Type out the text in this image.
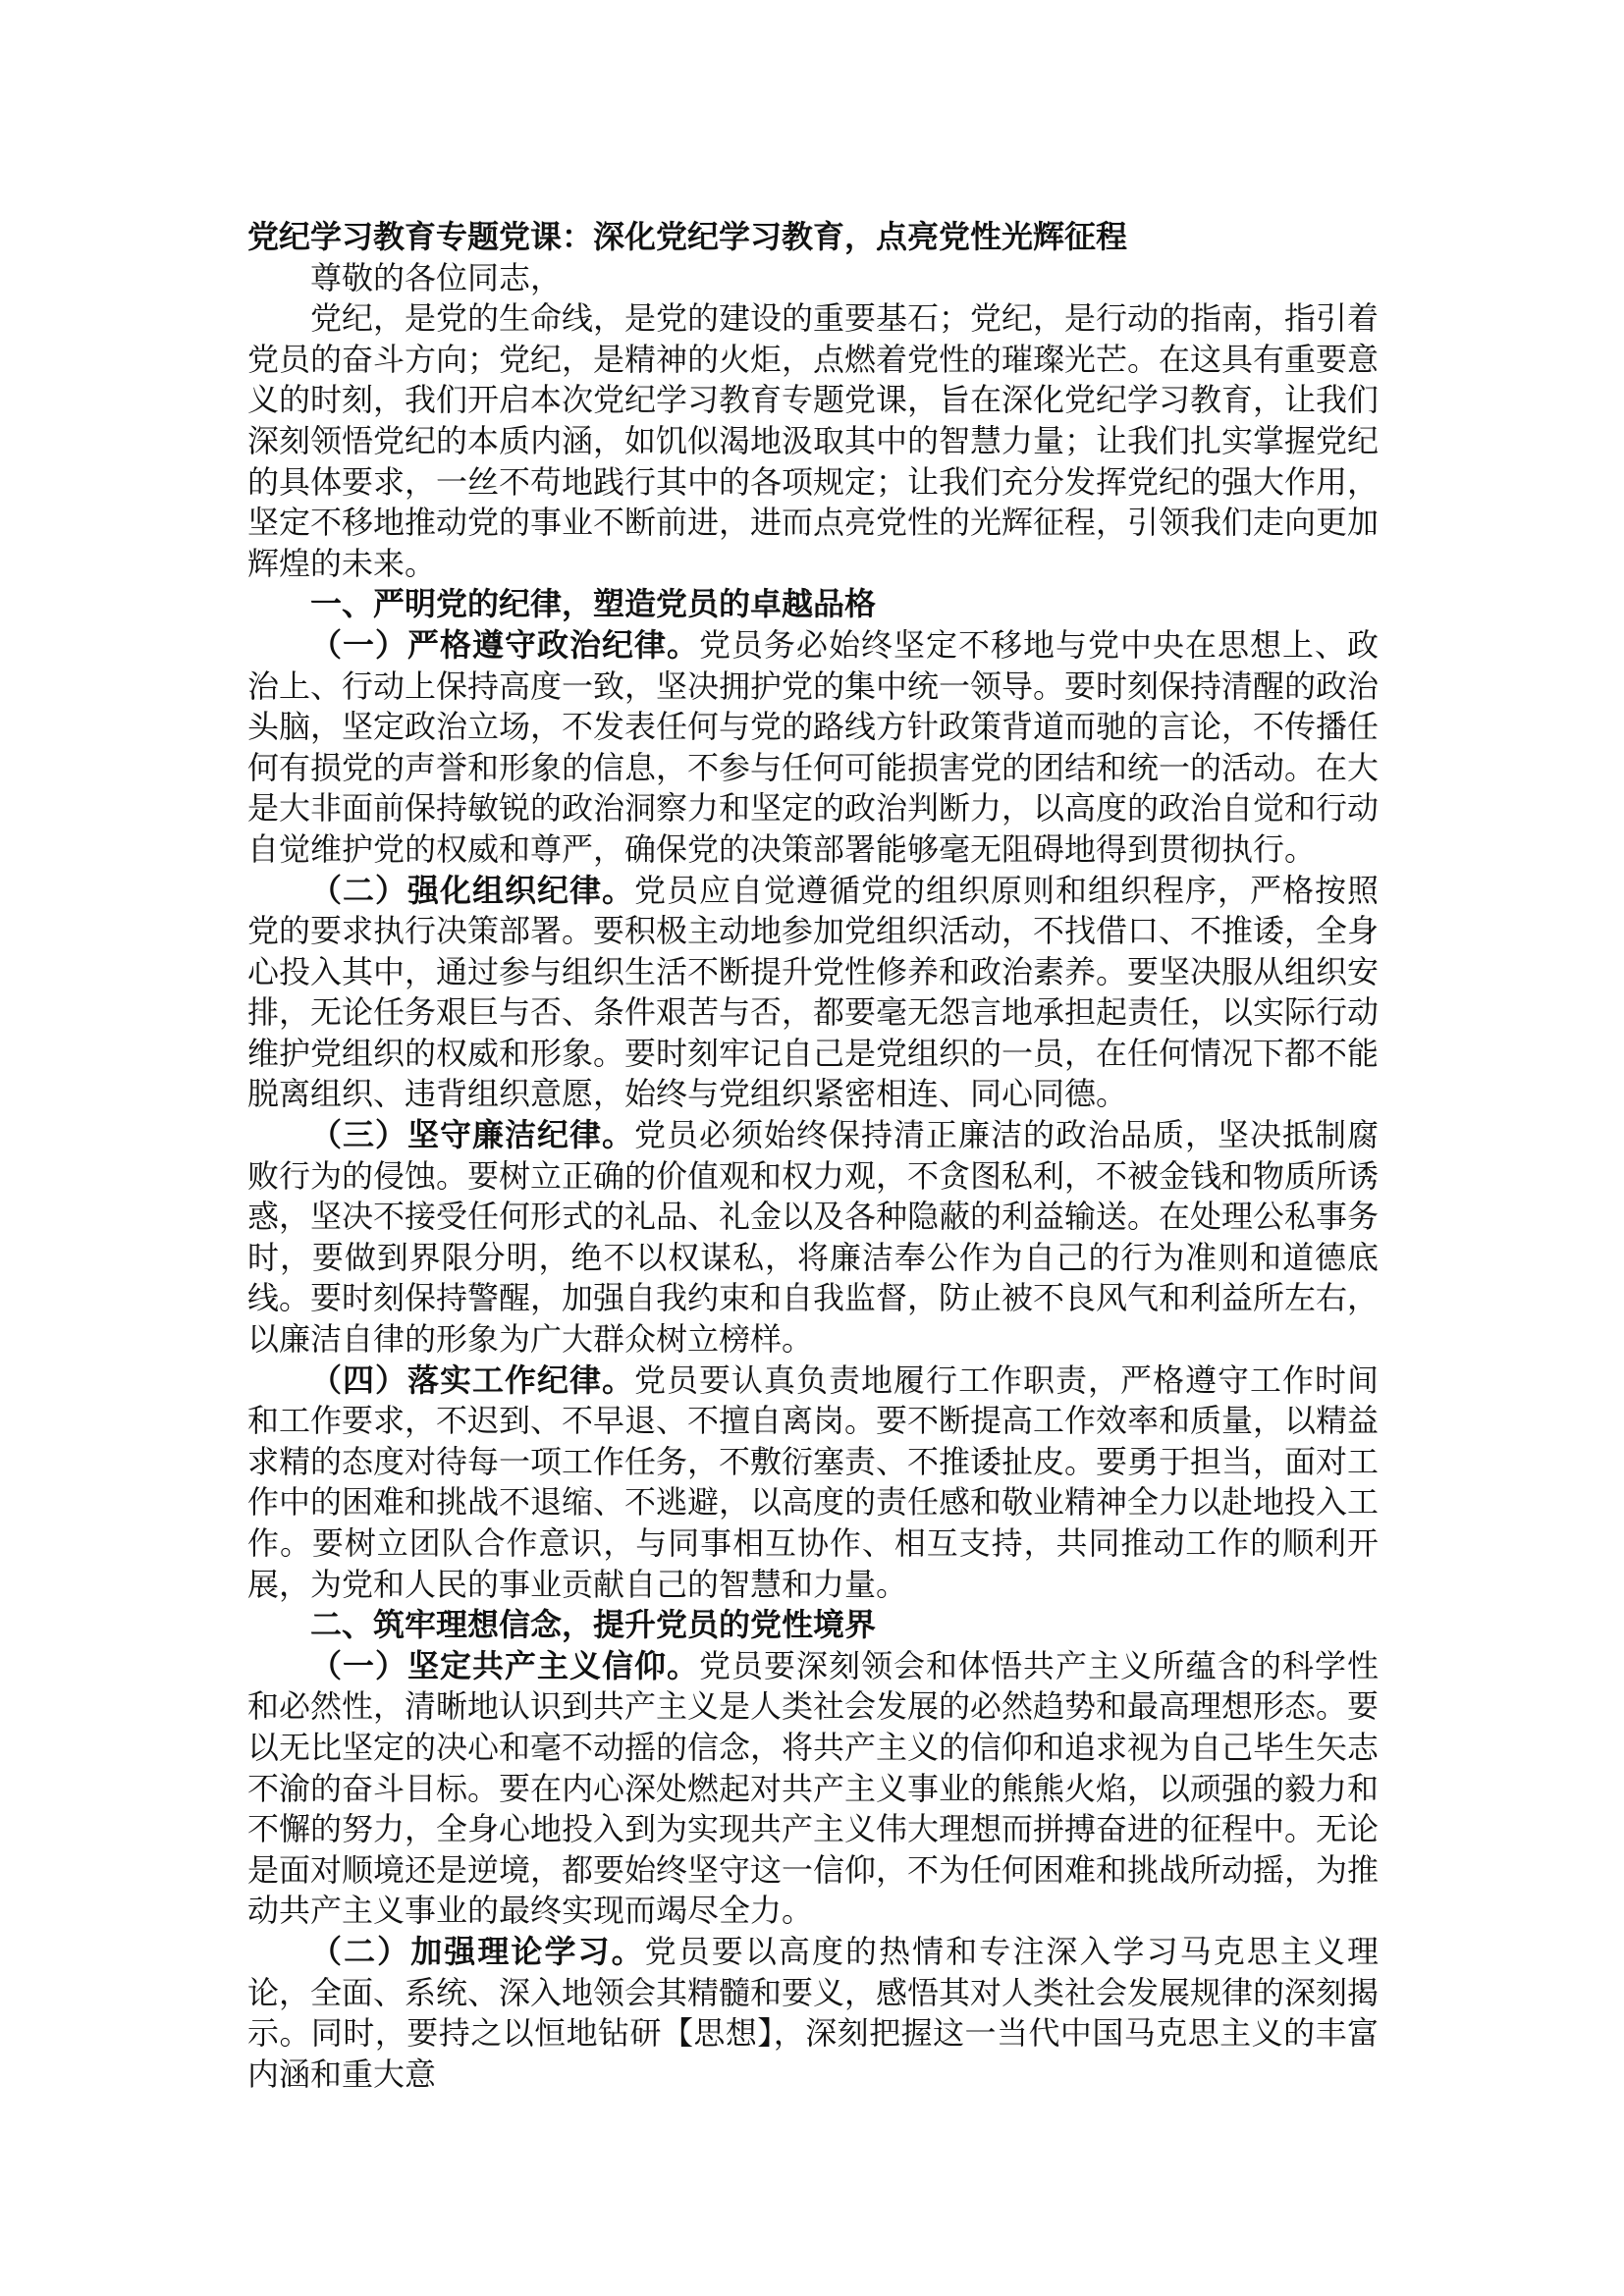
党纪学习教育专题党课：深化党纪学习教育，点亮党性光辉征程

尊敬的各位同志，

党纪，是党的生命线，是党的建设的重要基石；党纪，是行动的指南，指引着党员的奋斗方向；党纪，是精神的火炬，点燃着党性的璀璨光芒。在这具有重要意义的时刻，我们开启本次党纪学习教育专题党课，旨在深化党纪学习教育，让我们深刻领悟党纪的本质内涵，如饥似渴地汲取其中的智慧力量；让我们扎实掌握党纪的具体要求，一丝不苟地践行其中的各项规定；让我们充分发挥党纪的强大作用，坚定不移地推动党的事业不断前进，进而点亮党性的光辉征程，引领我们走向更加辉煌的未来。

一、严明党的纪律，塑造党员的卓越品格

（一）严格遵守政治纪律。党员务必始终坚定不移地与党中央在思想上、政治上、行动上保持高度一致，坚决拥护党的集中统一领导。要时刻保持清醒的政治头脑，坚定政治立场，不发表任何与党的路线方针政策背道而驰的言论，不传播任何有损党的声誉和形象的信息，不参与任何可能损害党的团结和统一的活动。在大是大非面前保持敏锐的政治洞察力和坚定的政治判断力，以高度的政治自觉和行动自觉维护党的权威和尊严，确保党的决策部署能够毫无阻碍地得到贯彻执行。

（二）强化组织纪律。党员应自觉遵循党的组织原则和组织程序，严格按照党的要求执行决策部署。要积极主动地参加党组织活动，不找借口、不推诿，全身心投入其中，通过参与组织生活不断提升党性修养和政治素养。要坚决服从组织安排，无论任务艰巨与否、条件艰苦与否，都要毫无怨言地承担起责任，以实际行动维护党组织的权威和形象。要时刻牢记自己是党组织的一员，在任何情况下都不能脱离组织、违背组织意愿，始终与党组织紧密相连、同心同德。

（三）坚守廉洁纪律。党员必须始终保持清正廉洁的政治品质，坚决抵制腐败行为的侵蚀。要树立正确的价值观和权力观，不贪图私利，不被金钱和物质所诱惑，坚决不接受任何形式的礼品、礼金以及各种隐蔽的利益输送。在处理公私事务时，要做到界限分明，绝不以权谋私，将廉洁奉公作为自己的行为准则和道德底线。要时刻保持警醒，加强自我约束和自我监督，防止被不良风气和利益所左右，以廉洁自律的形象为广大群众树立榜样。

（四）落实工作纪律。党员要认真负责地履行工作职责，严格遵守工作时间和工作要求，不迟到、不早退、不擅自离岗。要不断提高工作效率和质量，以精益求精的态度对待每一项工作任务，不敷衍塞责、不推诿扯皮。要勇于担当，面对工作中的困难和挑战不退缩、不逃避，以高度的责任感和敬业精神全力以赴地投入工作。要树立团队合作意识，与同事相互协作、相互支持，共同推动工作的顺利开展，为党和人民的事业贡献自己的智慧和力量。

二、筑牢理想信念，提升党员的党性境界

（一）坚定共产主义信仰。党员要深刻领会和体悟共产主义所蕴含的科学性和必然性，清晰地认识到共产主义是人类社会发展的必然趋势和最高理想形态。要以无比坚定的决心和毫不动摇的信念，将共产主义的信仰和追求视为自己毕生矢志不渝的奋斗目标。要在内心深处燃起对共产主义事业的熊熊火焰，以顽强的毅力和不懈的努力，全身心地投入到为实现共产主义伟大理想而拼搏奋进的征程中。无论是面对顺境还是逆境，都要始终坚守这一信仰，不为任何困难和挑战所动摇，为推动共产主义事业的最终实现而竭尽全力。

（二）加强理论学习。党员要以高度的热情和专注深入学习马克思主义理论，全面、系统、深入地领会其精髓和要义，感悟其对人类社会发展规律的深刻揭示。同时，要持之以恒地钻研【思想】，深刻把握这一当代中国马克思主义的丰富内涵和重大意
